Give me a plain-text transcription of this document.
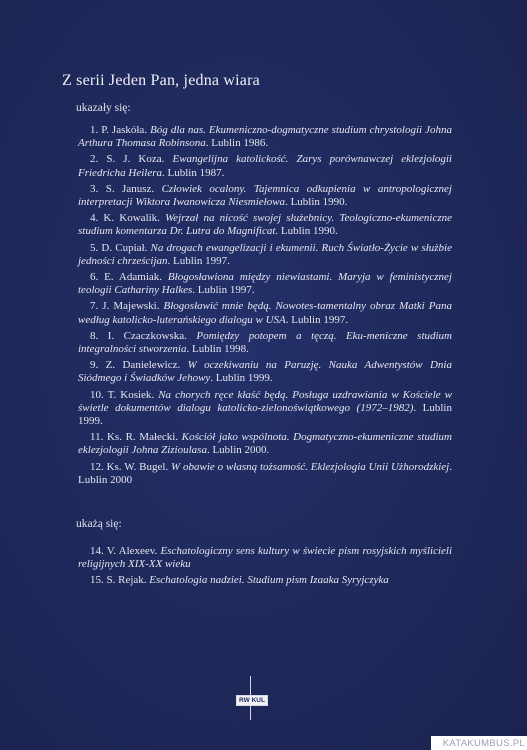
Z serii Jeden Pan, jedna wiara
ukazały się:

1. P. Jaskóła. Bóg dla nas. Ekumeniczno-dogmatyczne studium chrystologii Johna Arthura Thomasa Robinsona. Lublin 1986.

2. S. J. Koza. Ewangelijna katolickość. Zarys porównawczej eklezjologii Friedricha Heilera. Lublin 1987.

3. S. Janusz. Człowiek ocalony. Tajemnica odkupienia w antropologicznej interpretacji Wiktora Iwanowicza Niesmiełowa. Lublin 1990.

4. K. Kowalik. Wejrzał na nicość swojej służebnicy. Teologiczno-ekumeniczne studium komentarza Dr. Lutra do Magnificat. Lublin 1990.

5. D. Cupiał. Na drogach ewangelizacji i ekumenii. Ruch Światło-Życie w służbie jedności chrześcijan. Lublin 1997.

6. E. Adamiak. Błogosławiona między niewiastami. Maryja w feministycznej teologii Cathariny Halkes. Lublin 1997.

7. J. Majewski. Błogosławić mnie będą. Nowotes-tamentalny obraz Matki Pana według katolicko-luterańskiego dialogu w USA. Lublin 1997.

8. I. Czaczkowska. Pomiędzy potopem a tęczą. Eku-meniczne studium integralności stworzenia. Lublin 1998.

9. Z. Danielewicz. W oczekiwaniu na Paruzję. Nauka Adwentystów Dnia Siódmego i Świadków Jehowy. Lublin 1999.

10. T. Kosiek. Na chorych ręce kłaść będą. Posługa uzdrawiania w Kościele w świetle dokumentów dialogu katolicko-zielonoświątkowego (1972–1982). Lublin 1999.

11. Ks. R. Małecki. Kościół jako wspólnota. Dogmatyczno-ekumeniczne studium eklezjologii Johna Zizioulasa. Lublin 2000.

12. Ks. W. Bugel. W obawie o własną tożsamość. Eklezjologia Unii Użhorodzkiej. Lublin 2000

ukażą się:

14. V. Alexeev. Eschatologiczny sens kultury w świecie pism rosyjskich myślicieli religijnych XIX-XX wieku

15. S. Rejak. Eschatologia nadziei. Studium pism Izaaka Syryjczyka

RW KUL
KATAKUMBUS.PL
